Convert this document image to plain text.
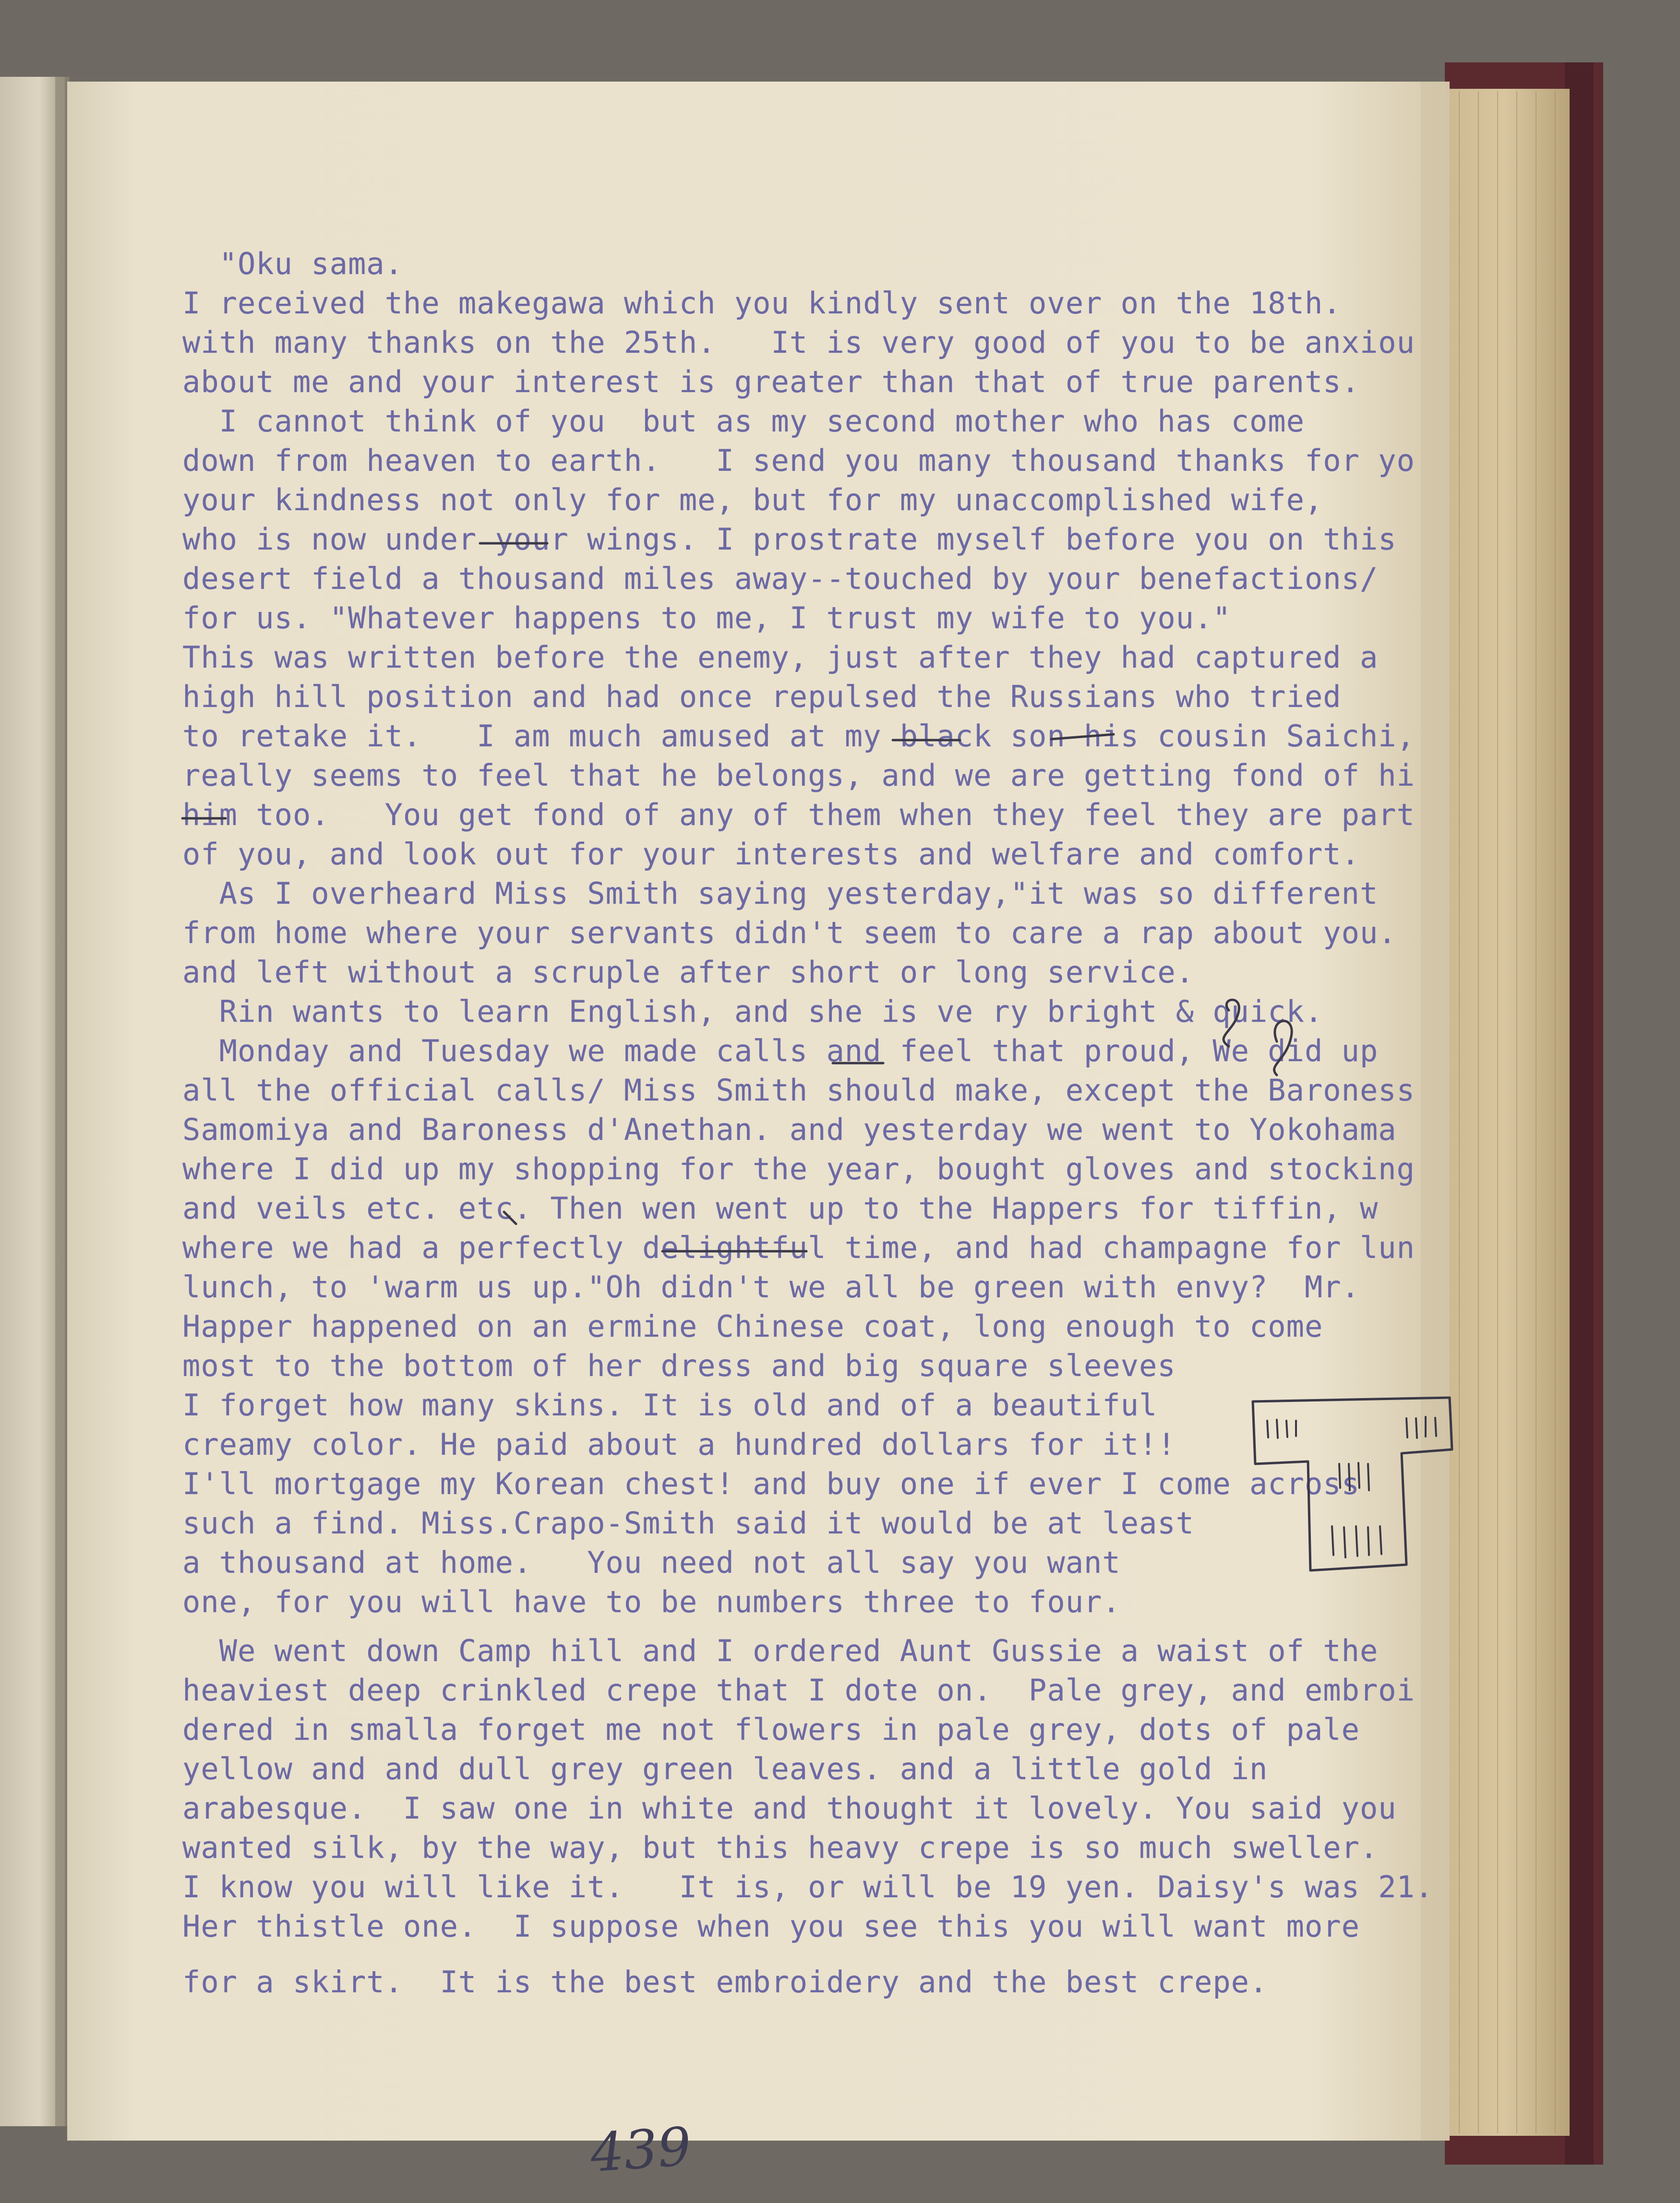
"Oku sama.
I received the makegawa which you kindly sent over on the 18th.
with many thanks on the 25th.   It is very good of you to be anxiou
about me and your interest is greater than that of true parents.
I cannot think of you  but as my second mother who has come
down from heaven to earth.   I send you many thousand thanks for yo
your kindness not only for me, but for my unaccomplished wife,
who is now under your wings. I prostrate myself before you on this
desert field a thousand miles away--touched by your benefactions/
for us. "Whatever happens to me, I trust my wife to you."
This was written before the enemy, just after they had captured a
high hill position and had once repulsed the Russians who tried
to retake it.   I am much amused at my black son his cousin Saichi,
really seems to feel that he belongs, and we are getting fond of hi
him too.   You get fond of any of them when they feel they are part
of you, and look out for your interests and welfare and comfort.
As I overheard Miss Smith saying yesterday,"it was so different
from home where your servants didn't seem to care a rap about you.
and left without a scruple after short or long service.
Rin wants to learn English, and she is ve ry bright & quick.
Monday and Tuesday we made calls and feel that proud, We did up
all the official calls/ Miss Smith should make, except the Baroness
Samomiya and Baroness d'Anethan. and yesterday we went to Yokohama
where I did up my shopping for the year, bought gloves and stocking
and veils etc. etc. Then wen went up to the Happers for tiffin, w
where we had a perfectly delightful time, and had champagne for lun
lunch, to 'warm us up."Oh didn't we all be green with envy?  Mr.
Happer happened on an ermine Chinese coat, long enough to come
most to the bottom of her dress and big square sleeves
I forget how many skins. It is old and of a beautiful
creamy color. He paid about a hundred dollars for it!!
I'll mortgage my Korean chest! and buy one if ever I come across
such a find. Miss.Crapo-Smith said it would be at least
a thousand at home.   You need not all say you want
one, for you will have to be numbers three to four.
We went down Camp hill and I ordered Aunt Gussie a waist of the
heaviest deep crinkled crepe that I dote on.  Pale grey, and embroi
dered in smalla forget me not flowers in pale grey, dots of pale
yellow and and dull grey green leaves. and a little gold in
arabesque.  I saw one in white and thought it lovely. You said you
wanted silk, by the way, but this heavy crepe is so much sweller.
I know you will like it.   It is, or will be 19 yen. Daisy's was 21.
Her thistle one.  I suppose when you see this you will want more
for a skirt.  It is the best embroidery and the best crepe.
439
